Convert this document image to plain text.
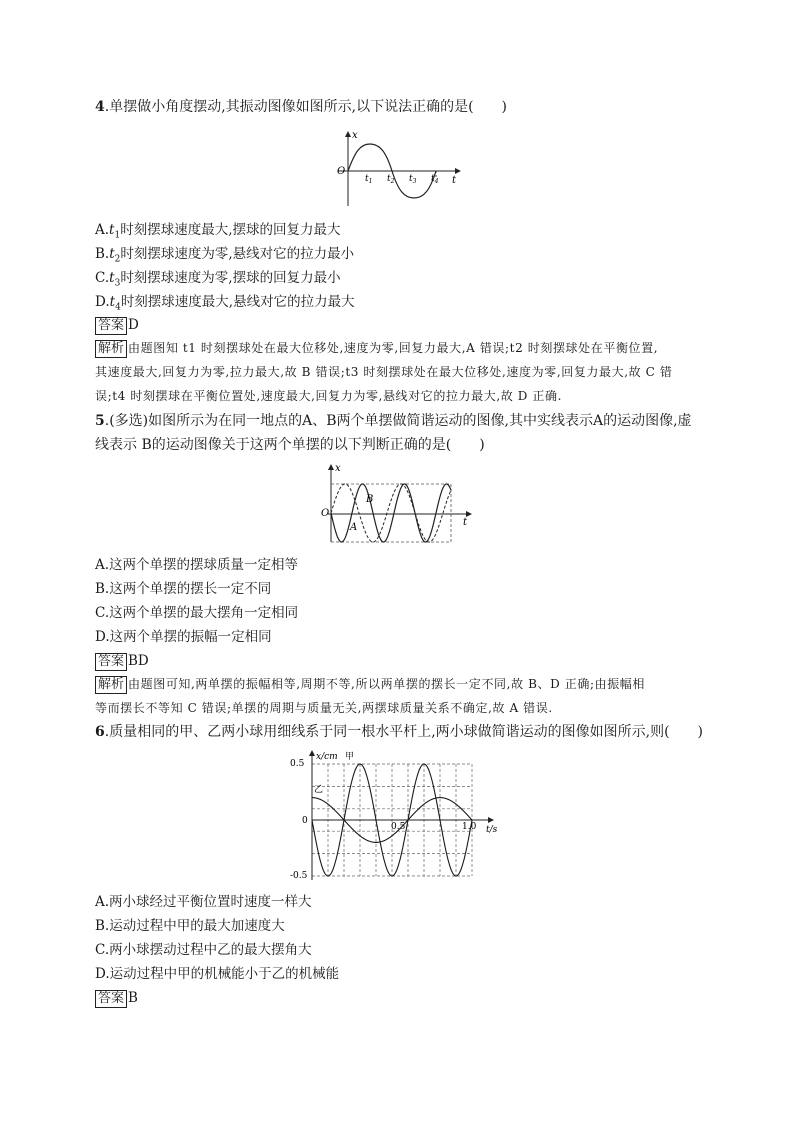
4.单摆做小角度摆动,其振动图像如图所示,以下说法正确的是(　　)
x
t
O
$t_1$ $t_2$ $t_3$ $t_4$
$A.t_1$时刻摆球速度最大,摆球的回复力最大
$B.t_2$时刻摆球速度为零,悬线对它的拉力最小
$C.t_3$时刻摆球速度为零,摆球的回复力最小
$D.t_4$时刻摆球速度最大,悬线对它的拉力最大
答案 D
解析 由题图知 t1 时刻摆球处在最大位移处,速度为零,回复力最大,A 错误;t2 时刻摆球处在平衡位置,
其速度最大,回复力为零,拉力最大,故 B 错误;t3 时刻摆球处在最大位移处,速度为零,回复力最大,故 C 错
误;t4 时刻摆球在平衡位置处,速度最大,回复力为零,悬线对它的拉力最大,故 D 正确.
5.(多选)如图所示为在同一地点的A、B两个单摆做简谐运动的图像,其中实线表示A的运动图像,虚
线表示 B的运动图像关于这两个单摆的以下判断正确的是(　　)
x
t
O
B
A
A.这两个单摆的摆球质量一定相等
B.这两个单摆的摆长一定不同
C.这两个单摆的最大摆角一定相同
D.这两个单摆的振幅一定相同
答案 BD
解析 由题图可知,两单摆的振幅相等,周期不等,所以两单摆的摆长一定不同,故 B、D 正确;由振幅相
等而摆长不等知 C 错误;单摆的周期与质量无关,两摆球质量关系不确定,故 A 错误.
6.质量相同的甲、乙两小球用细线系于同一根水平杆上,两小球做简谐运动的图像如图所示,则(　　)
x/cm
t/s
0.5
0
-0.5
0.5	1.0
甲
乙
A.两小球经过平衡位置时速度一样大
B.运动过程中甲的最大加速度大
C.两小球摆动过程中乙的最大摆角大
D.运动过程中甲的机械能小于乙的机械能
答案 B
